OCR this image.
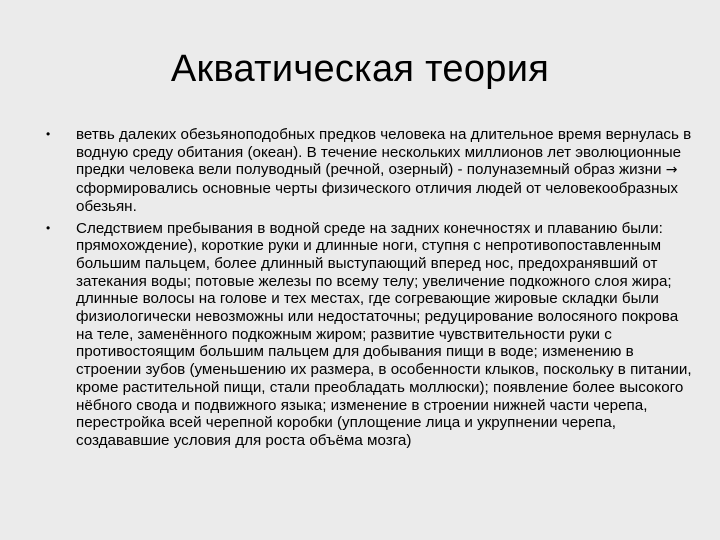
Акватическая теория
•	ветвь далеких обезьяноподобных предков человека на длительное время вернулась в водную среду обитания (океан). В течение нескольких миллионов лет эволюционные предки человека вели полуводный (речной, озерный) - полуназемный образ жизни → сформировались основные черты физического отличия людей от человекообразных обезьян.
•	Следствием пребывания в водной среде на задних конечностях и плаванию были: прямохождение), короткие руки и длинные ноги, ступня с непротивопоставленным большим пальцем, более длинный выступающий вперед нос, предохранявший от затекания воды; потовые железы по всему телу; увеличение подкожного слоя жира; длинные волосы на голове и тех местах, где согревающие жировые складки были физиологически невозможны или недостаточны; редуцирование волосяного покрова на теле, заменённого подкожным жиром; развитие чувствительности руки с противостоящим большим пальцем для добывания пищи в воде; изменению в строении зубов (уменьшению их размера, в особенности клыков, поскольку в питании, кроме растительной пищи, стали преобладать моллюски); появление более высокого нёбного свода и подвижного языка; изменение в строении нижней части черепа, перестройка всей черепной коробки (уплощение лица и укрупнении черепа, создававшие условия для роста объёма мозга)
